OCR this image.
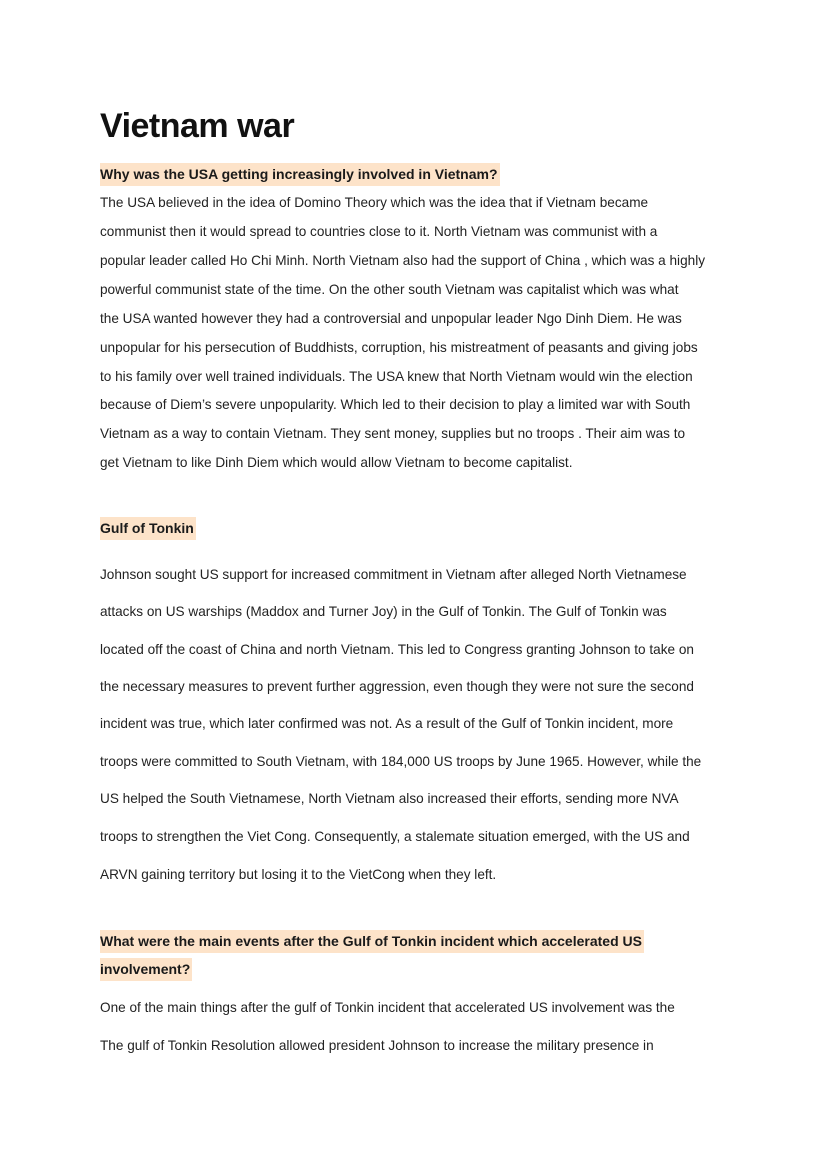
Vietnam war
Why was the USA getting increasingly involved in Vietnam?
The USA believed in the idea of Domino Theory which was the idea that if Vietnam became
communist then it would spread to countries close to it. North Vietnam was communist with a
popular leader called Ho Chi Minh. North Vietnam also had the support of China , which was a highly
powerful communist state of the time. On the other south Vietnam was capitalist which was what
the USA wanted however they had a controversial and unpopular leader Ngo Dinh Diem. He was
unpopular for his persecution of Buddhists, corruption, his mistreatment of peasants and giving jobs
to his family over well trained individuals. The USA knew that North Vietnam would win the election
because of Diem’s severe unpopularity. Which led to their decision to play a limited war with South
Vietnam as a way to contain Vietnam. They sent money, supplies but no troops . Their aim was to
get Vietnam to like Dinh Diem which would allow Vietnam to become capitalist.
Gulf of Tonkin
Johnson sought US support for increased commitment in Vietnam after alleged North Vietnamese
attacks on US warships (Maddox and Turner Joy) in the Gulf of Tonkin. The Gulf of Tonkin was
located off the coast of China and north Vietnam. This led to Congress granting Johnson to take on
the necessary measures to prevent further aggression, even though they were not sure the second
incident was true, which later confirmed was not. As a result of the Gulf of Tonkin incident, more
troops were committed to South Vietnam, with 184,000 US troops by June 1965. However, while the
US helped the South Vietnamese, North Vietnam also increased their efforts, sending more NVA
troops to strengthen the Viet Cong. Consequently, a stalemate situation emerged, with the US and
ARVN gaining territory but losing it to the VietCong when they left.
What were the main events after the Gulf of Tonkin incident which accelerated US
involvement?
One of the main things after the gulf of Tonkin incident that accelerated US involvement was the
The gulf of Tonkin Resolution allowed president Johnson to increase the military presence in
